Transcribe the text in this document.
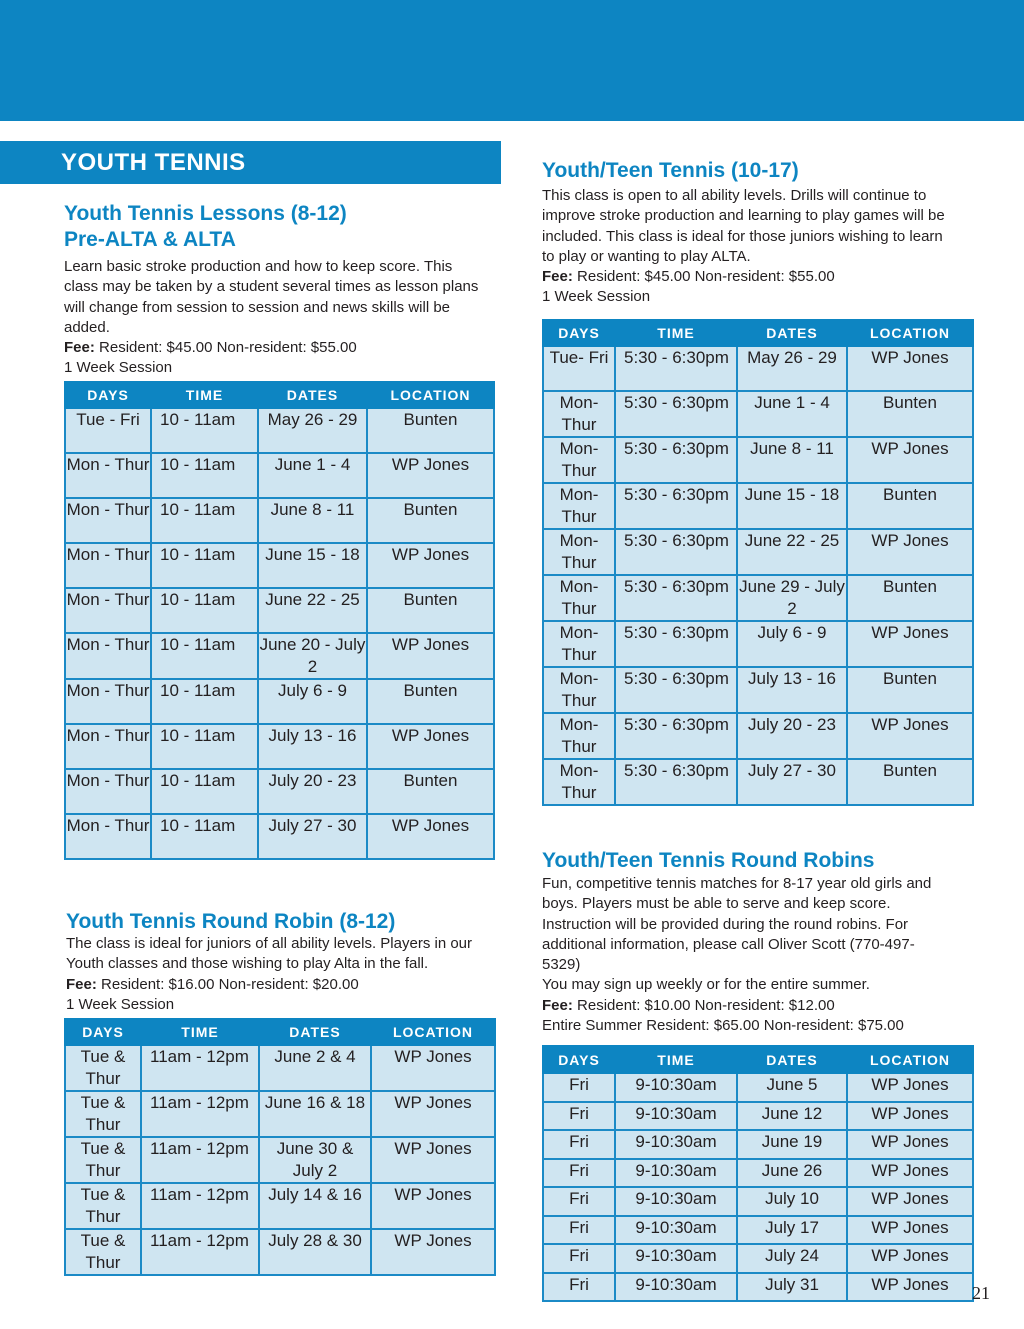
YOUTH TENNIS
Youth Tennis Lessons (8-12)
Pre-ALTA & ALTA
Learn basic stroke production and how to keep score. This class may be taken by a student several times as lesson plans will change from session to session and news skills will be added.
Fee: Resident: $45.00 Non-resident: $55.00
1 Week Session
DAYS	TIME	DATES	LOCATION
Tue - Fri	10 - 11am	May 26 - 29	Bunten
Mon - Thur	10 - 11am	June 1 - 4	WP Jones
Mon - Thur	10 - 11am	June 8 - 11	Bunten
Mon - Thur	10 - 11am	June 15 - 18	WP Jones
Mon - Thur	10 - 11am	June 22 - 25	Bunten
Mon - Thur	10 - 11am	June 20 - July 2	WP Jones
Mon - Thur	10 - 11am	July 6 - 9	Bunten
Mon - Thur	10 - 11am	July 13 - 16	WP Jones
Mon - Thur	10 - 11am	July 20 - 23	Bunten
Mon - Thur	10 - 11am	July 27 - 30	WP Jones
Youth Tennis Round Robin (8-12)
The class is ideal for juniors of all ability levels. Players in our Youth classes and those wishing to play Alta in the fall.
Fee: Resident: $16.00 Non-resident: $20.00
1 Week Session
DAYS	TIME	DATES	LOCATION
Tue & Thur	11am - 12pm	June 2 & 4	WP Jones
Tue & Thur	11am - 12pm	June 16 & 18	WP Jones
Tue & Thur	11am - 12pm	June 30 & July 2	WP Jones
Tue & Thur	11am - 12pm	July 14 & 16	WP Jones
Tue & Thur	11am - 12pm	July 28 & 30	WP Jones
Youth/Teen Tennis (10-17)
This class is open to all ability levels. Drills will continue to improve stroke production and learning to play games will be included. This class is ideal for those juniors wishing to learn to play or wanting to play ALTA.
Fee: Resident: $45.00 Non-resident: $55.00
1 Week Session
DAYS	TIME	DATES	LOCATION
Tue- Fri	5:30 - 6:30pm	May 26 - 29	WP Jones
Mon- Thur	5:30 - 6:30pm	June 1 - 4	Bunten
Mon- Thur	5:30 - 6:30pm	June 8 - 11	WP Jones
Mon- Thur	5:30 - 6:30pm	June 15 - 18	Bunten
Mon- Thur	5:30 - 6:30pm	June 22 - 25	WP Jones
Mon- Thur	5:30 - 6:30pm	June 29 - July 2	Bunten
Mon- Thur	5:30 - 6:30pm	July 6 - 9	WP Jones
Mon- Thur	5:30 - 6:30pm	July 13 - 16	Bunten
Mon- Thur	5:30 - 6:30pm	July 20 - 23	WP Jones
Mon- Thur	5:30 - 6:30pm	July 27 - 30	Bunten
Youth/Teen Tennis Round Robins
Fun, competitive tennis matches for 8-17 year old girls and boys. Players must be able to serve and keep score. Instruction will be provided during the round robins. For additional information, please call Oliver Scott (770-497-5329)
You may sign up weekly or for the entire summer.
Fee: Resident: $10.00 Non-resident: $12.00
Entire Summer Resident: $65.00 Non-resident: $75.00
DAYS	TIME	DATES	LOCATION
Fri	9-10:30am	June 5	WP Jones
Fri	9-10:30am	June 12	WP Jones
Fri	9-10:30am	June 19	WP Jones
Fri	9-10:30am	June 26	WP Jones
Fri	9-10:30am	July 10	WP Jones
Fri	9-10:30am	July 17	WP Jones
Fri	9-10:30am	July 24	WP Jones
Fri	9-10:30am	July 31	WP Jones 21
